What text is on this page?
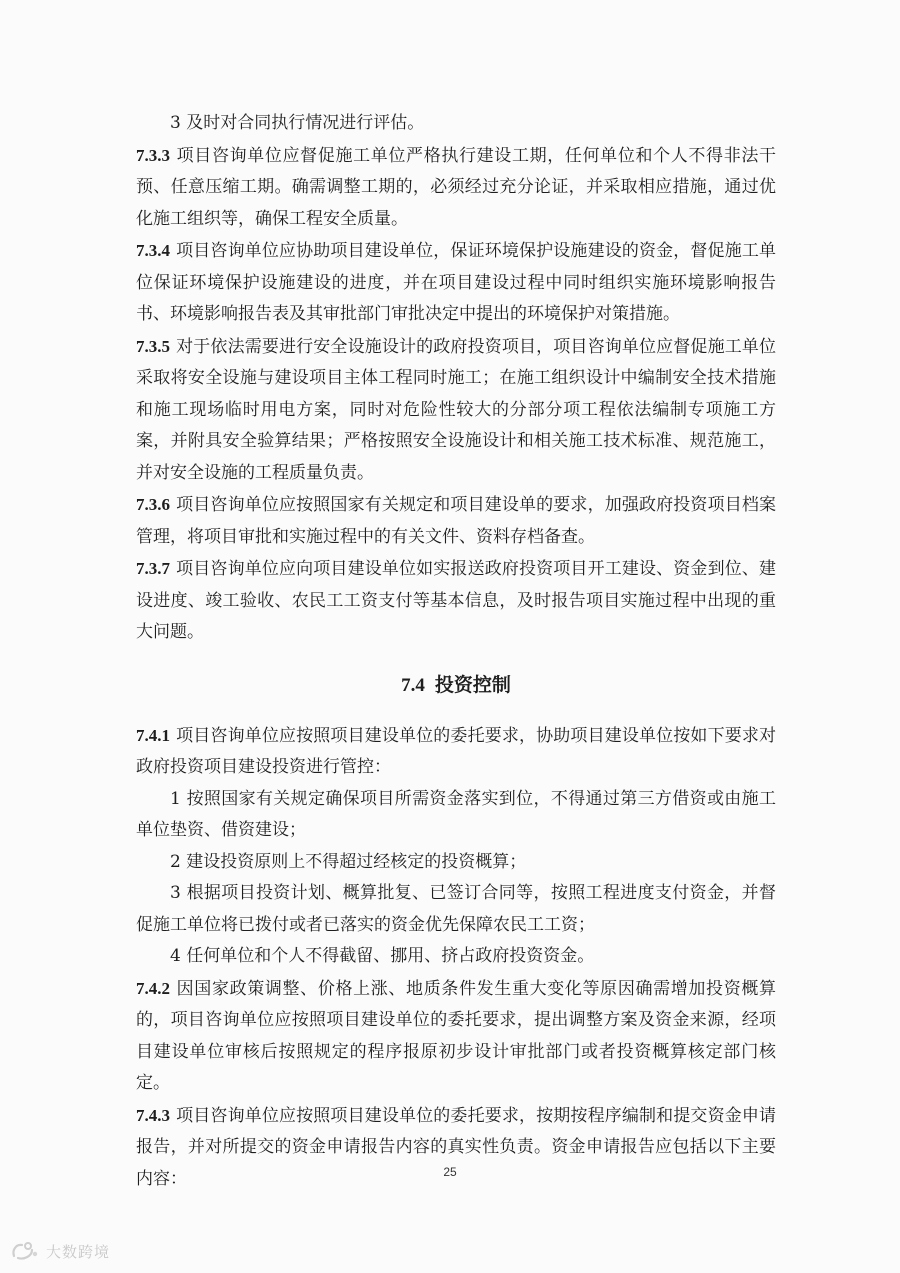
3 及时对合同执行情况进行评估。

7.3.3 项目咨询单位应督促施工单位严格执行建设工期，任何单位和个人不得非法干预、任意压缩工期。确需调整工期的，必须经过充分论证，并采取相应措施，通过优化施工组织等，确保工程安全质量。

7.3.4 项目咨询单位应协助项目建设单位，保证环境保护设施建设的资金，督促施工单位保证环境保护设施建设的进度，并在项目建设过程中同时组织实施环境影响报告书、环境影响报告表及其审批部门审批决定中提出的环境保护对策措施。

7.3.5 对于依法需要进行安全设施设计的政府投资项目，项目咨询单位应督促施工单位采取将安全设施与建设项目主体工程同时施工；在施工组织设计中编制安全技术措施和施工现场临时用电方案，同时对危险性较大的分部分项工程依法编制专项施工方案，并附具安全验算结果；严格按照安全设施设计和相关施工技术标准、规范施工，并对安全设施的工程质量负责。

7.3.6 项目咨询单位应按照国家有关规定和项目建设单的要求，加强政府投资项目档案管理，将项目审批和实施过程中的有关文件、资料存档备查。

7.3.7 项目咨询单位应向项目建设单位如实报送政府投资项目开工建设、资金到位、建设进度、竣工验收、农民工工资支付等基本信息，及时报告项目实施过程中出现的重大问题。

7.4 投资控制

7.4.1 项目咨询单位应按照项目建设单位的委托要求，协助项目建设单位按如下要求对政府投资项目建设投资进行管控：

1 按照国家有关规定确保项目所需资金落实到位，不得通过第三方借资或由施工单位垫资、借资建设；

2 建设投资原则上不得超过经核定的投资概算；

3 根据项目投资计划、概算批复、已签订合同等，按照工程进度支付资金，并督促施工单位将已拨付或者已落实的资金优先保障农民工工资；

4 任何单位和个人不得截留、挪用、挤占政府投资资金。

7.4.2 因国家政策调整、价格上涨、地质条件发生重大变化等原因确需增加投资概算的，项目咨询单位应按照项目建设单位的委托要求，提出调整方案及资金来源，经项目建设单位审核后按照规定的程序报原初步设计审批部门或者投资概算核定部门核定。

7.4.3 项目咨询单位应按照项目建设单位的委托要求，按期按程序编制和提交资金申请报告，并对所提交的资金申请报告内容的真实性负责。资金申请报告应包括以下主要内容：	25
大数跨境
